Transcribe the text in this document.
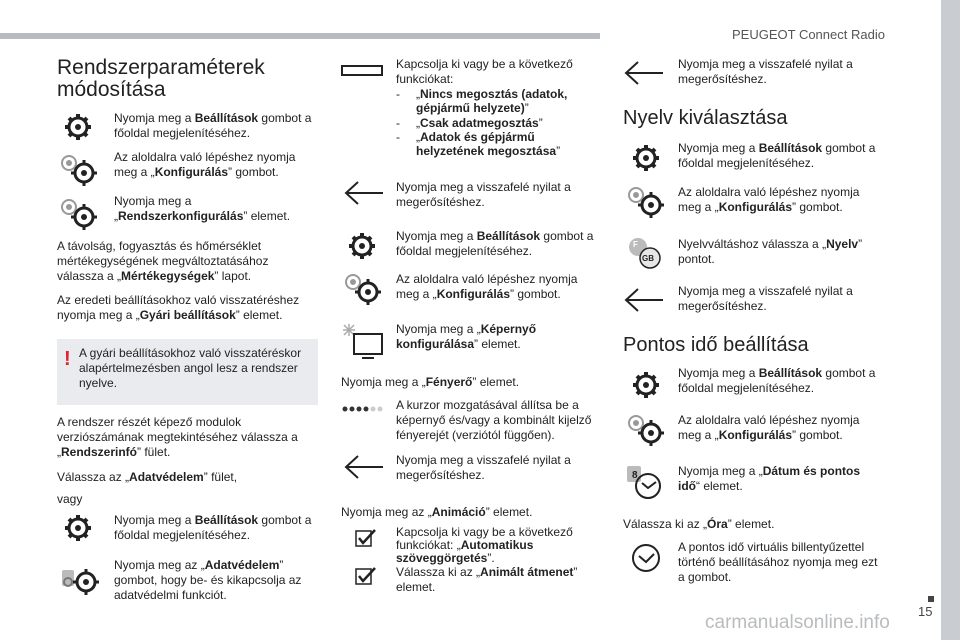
PEUGEOT Connect Radio
15
Rendszerparaméterek
módosítása
Nyomja meg a Beállítások gombot a főoldal megjelenítéséhez.
Az aloldalra való lépéshez nyomja meg a „Konfigurálás” gombot.
Nyomja meg a „Rendszerkonfigurálás” elemet.
A távolság, fogyasztás és hőmérséklet mértékegységének megváltoztatásához válassza a „Mértékegységek” lapot.
Az eredeti beállításokhoz való visszatéréshez nyomja meg a „Gyári beállítások” elemet.
! A gyári beállításokhoz való visszatéréskor alapértelmezésben angol lesz a rendszer nyelve.
A rendszer részét képező modulok verziószámának megtekintéséhez válassza a „Rendszerinfó” fület.
Válassza az „Adatvédelem” fület,
vagy
Nyomja meg a Beállítások gombot a főoldal megjelenítéséhez.
Nyomja meg az „Adatvédelem” gombot, hogy be- és kikapcsolja az adatvédelmi funkciót.
Kapcsolja ki vagy be a következő funkciókat:
- „Nincs megosztás (adatok, gépjármű helyzete)”
- „Csak adatmegosztás”
- „Adatok és gépjármű helyzetének megosztása”
Nyomja meg a visszafelé nyilat a megerősítéshez.
Nyomja meg a Beállítások gombot a főoldal megjelenítéséhez.
Az aloldalra való lépéshez nyomja meg a „Konfigurálás” gombot.
Nyomja meg a „Képernyő konfigurálása” elemet.
Nyomja meg a „Fényerő” elemet.
A kurzor mozgatásával állítsa be a képernyő és/vagy a kombinált kijelző fényerejét (verziótól függően).
Nyomja meg a visszafelé nyilat a megerősítéshez.
Nyomja meg az „Animáció” elemet.
Kapcsolja ki vagy be a következő funkciókat: „Automatikus szöveggörgetés”.
Válassza ki az „Animált átmenet” elemet.
Nyomja meg a visszafelé nyilat a megerősítéshez.
Nyelv kiválasztása
Nyomja meg a Beállítások gombot a főoldal megjelenítéséhez.
Az aloldalra való lépéshez nyomja meg a „Konfigurálás” gombot.
F
GB
Nyelvváltáshoz válassza a „Nyelv” pontot.
Nyomja meg a visszafelé nyilat a megerősítéshez.
Pontos idő beállítása
Nyomja meg a Beállítások gombot a főoldal megjelenítéséhez.
Az aloldalra való lépéshez nyomja meg a „Konfigurálás” gombot.
8	Nyomja meg a „Dátum és pontos idő“ elemet.
Válassza ki az „Óra” elemet.
A pontos idő virtuális billentyűzettel történő beállításához nyomja meg ezt a gombot.
carmanualsonline.info
